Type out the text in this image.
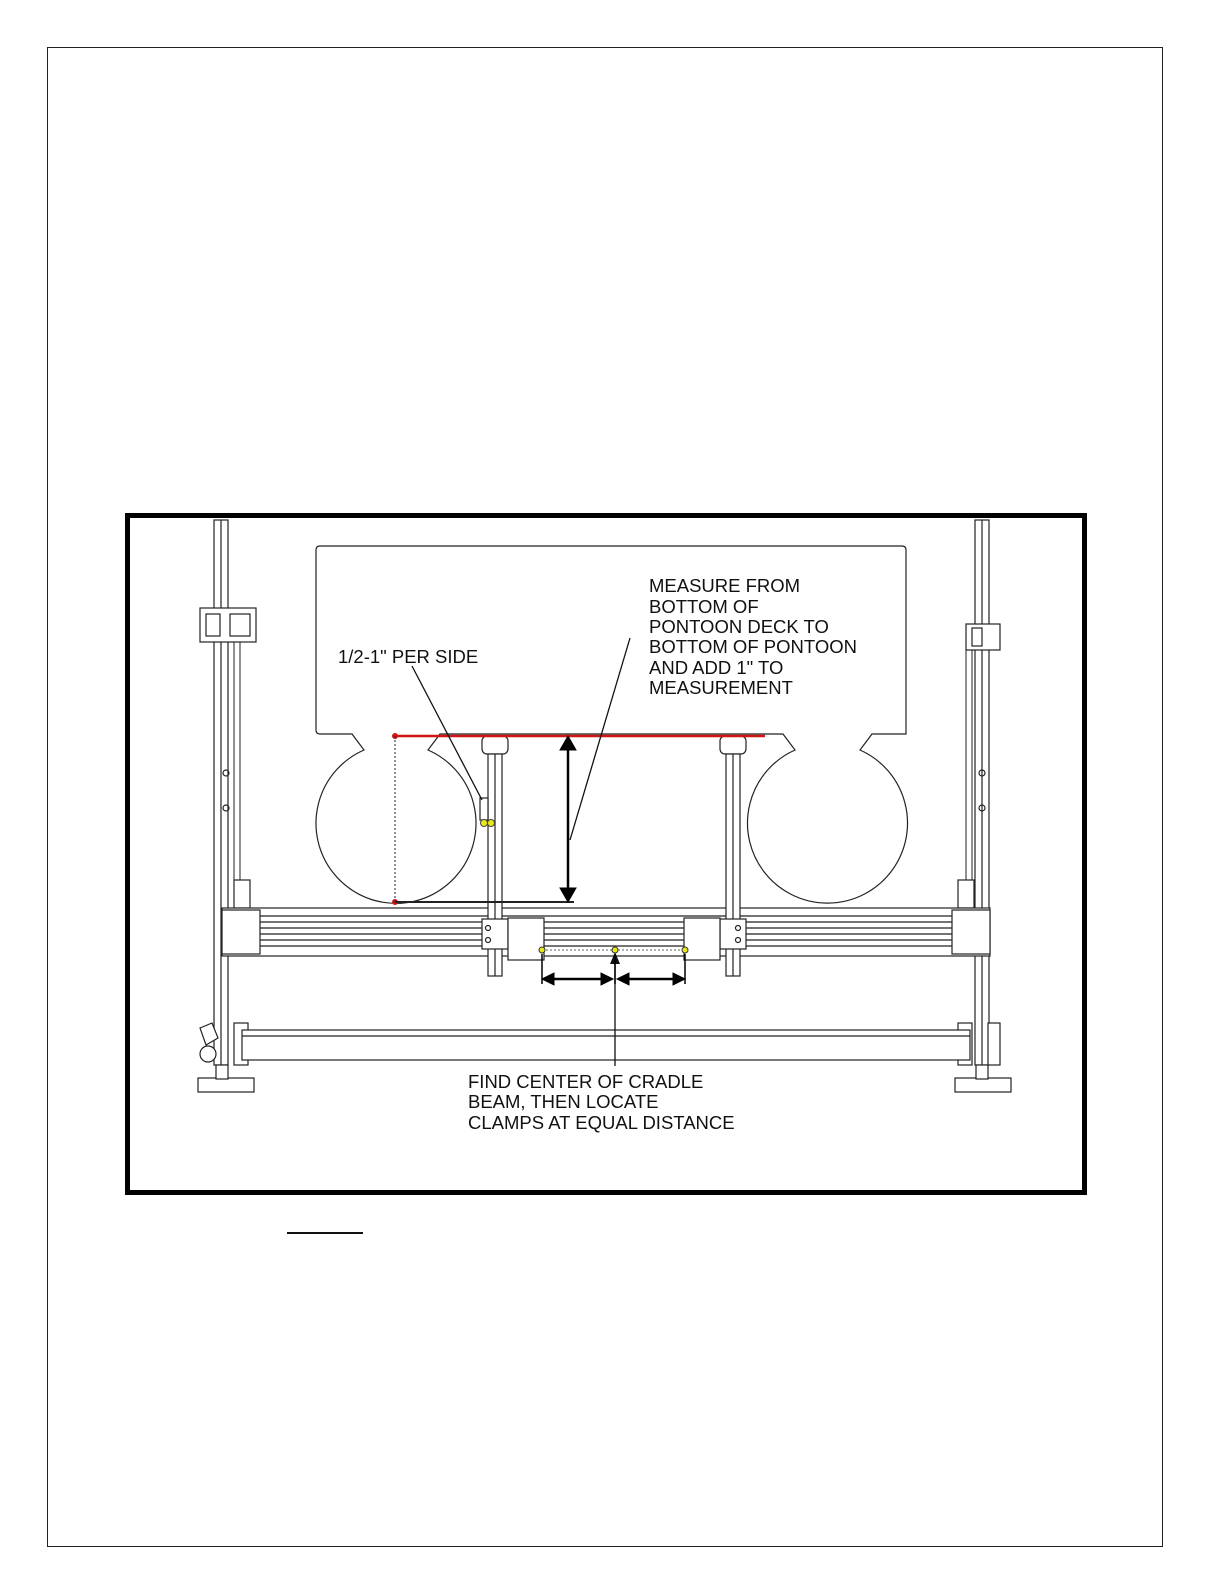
1/2-1" PER SIDE
MEASURE FROM BOTTOM OF PONTOON DECK TO BOTTOM OF PONTOON AND ADD 1" TO MEASUREMENT
FIND CENTER OF CRADLE BEAM, THEN LOCATE CLAMPS AT EQUAL DISTANCE
